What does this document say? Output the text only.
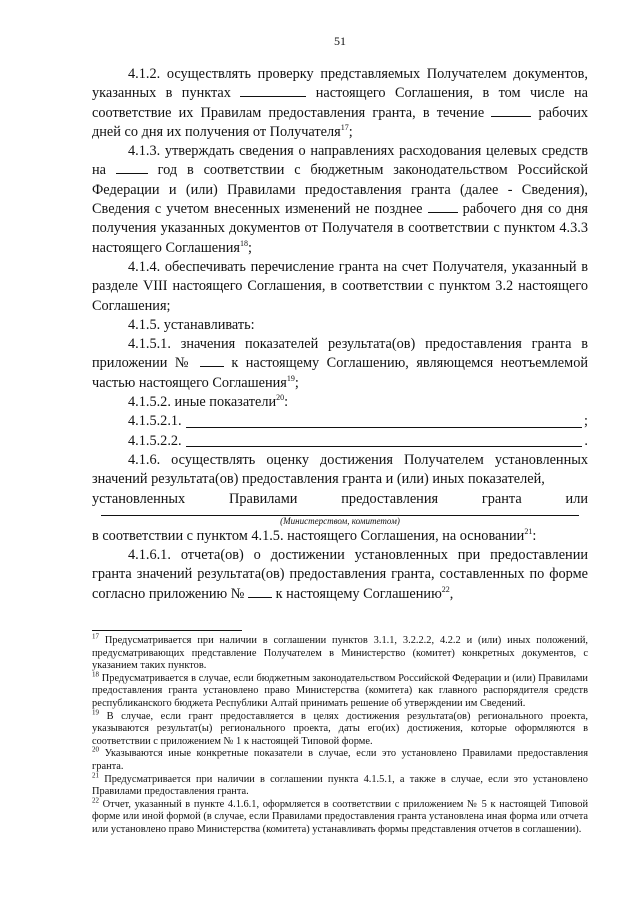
51

4.1.2. осуществлять проверку представляемых Получателем документов, указанных в пунктах	настоящего Соглашения, в том числе на соответствие их Правилам предоставления гранта, в течение	рабочих дней со дня их получения от Получателя$^{17}$;

4.1.3. утверждать сведения о направлениях расходования целевых средств на	год в соответствии с бюджетным законодательством Российской Федерации и (или) Правилами предоставления гранта (далее - Сведения), Сведения с учетом внесенных изменений не позднее	рабочего дня со дня получения указанных документов от Получателя в соответствии с пунктом 4.3.3 настоящего Соглашения$^{18}$;

4.1.4. обеспечивать перечисление гранта на счет Получателя, указанный в разделе VIII настоящего Соглашения, в соответствии с пунктом 3.2 настоящего Соглашения;

4.1.5. устанавливать:

4.1.5.1. значения показателей результата(ов) предоставления гранта в приложении №	к настоящему Соглашению, являющемся неотъемлемой частью настоящего Соглашения$^{19}$;

4.1.5.2. иные показатели$^{20}$:

4.1.5.2.1.	;
4.1.5.2.2.	.

4.1.6. осуществлять оценку достижения Получателем установленных значений результата(ов) предоставления гранта и (или) иных показателей,

установленных Правилами предоставления гранта или

(Министерством, комитетом)

в соответствии с пунктом 4.1.5. настоящего Соглашения, на основании$^{21}$:

4.1.6.1. отчета(ов) о достижении установленных при предоставлении гранта значений результата(ов) предоставления гранта, составленных по форме согласно приложению № к настоящему Соглашению$^{22}$,

$^{17}$ Предусматривается при наличии в соглашении пунктов 3.1.1, 3.2.2.2, 4.2.2 и (или) иных положений, предусматривающих представление Получателем в Министерство (комитет) конкретных документов, с указанием таких пунктов.

$^{18}$ Предусматривается в случае, если бюджетным законодательством Российской Федерации и (или) Правилами предоставления гранта установлено право Министерства (комитета) как главного распорядителя средств республиканского бюджета Республики Алтай принимать решение об утверждении им Сведений.

$^{19}$ В случае, если грант предоставляется в целях достижения результата(ов) регионального проекта, указываются результат(ы) регионального проекта, даты его(их) достижения, которые оформляются в соответствии с приложением № 1 к настоящей Типовой форме.

$^{20}$ Указываются иные конкретные показатели в случае, если это установлено Правилами предоставления гранта.

$^{21}$ Предусматривается при наличии в соглашении пункта 4.1.5.1, а также в случае, если это установлено Правилами предоставления гранта.

$^{22}$ Отчет, указанный в пункте 4.1.6.1, оформляется в соответствии с приложением № 5 к настоящей Типовой форме или иной формой (в случае, если Правилами предоставления гранта установлена иная форма или отчета или установлено право Министерства (комитета) устанавливать формы представления отчетов в соглашении).
